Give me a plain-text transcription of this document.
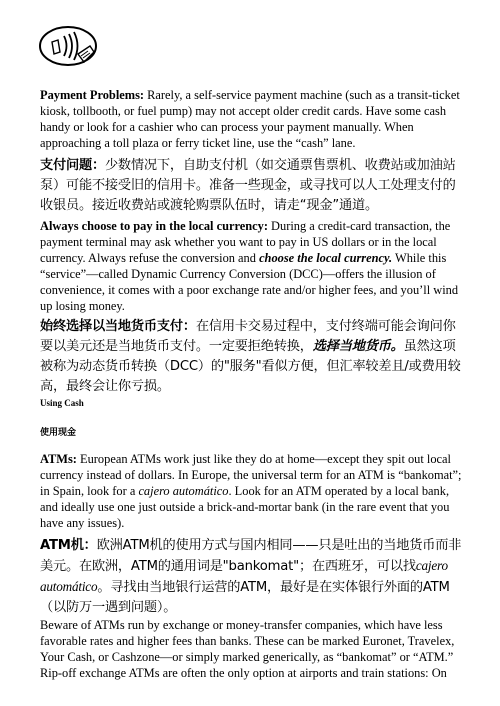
Payment Problems: Rarely, a self-service payment machine (such as a transit-ticket kiosk, tollbooth, or fuel pump) may not accept older credit cards. Have some cash handy or look for a cashier who can process your payment manually. When approaching a toll plaza or ferry ticket line, use the “cash” lane.

支付问题：少数情况下，自助支付机（如交通票售票机、收费站或加油站泵）可能不接受旧的信用卡。准备一些现金，或寻找可以人工处理支付的收银员。接近收费站或渡轮购票队伍时，请走“现金”通道。

Always choose to pay in the local currency: During a credit-card transaction, the payment terminal may ask whether you want to pay in US dollars or in the local currency. Always refuse the conversion and choose the local currency. While this “service”—called Dynamic Currency Conversion (DCC)—offers the illusion of convenience, it comes with a poor exchange rate and/or higher fees, and you’ll wind up losing money.

始终选择以当地货币支付：在信用卡交易过程中，支付终端可能会询问你要以美元还是当地货币支付。一定要拒绝转换，选择当地货币。虽然这项被称为动态货币转换（DCC）的"服务"看似方便，但汇率较差且/或费用较高，最终会让你亏损。

Using Cash

使用现金

ATMs: European ATMs work just like they do at home—except they spit out local currency instead of dollars. In Europe, the universal term for an ATM is “bankomat”; in Spain, look for a cajero automático. Look for an ATM operated by a local bank, and ideally use one just outside a brick-and-mortar bank (in the rare event that you have any issues).

ATM机：欧洲ATM机的使用方式与国内相同——只是吐出的当地货币而非美元。在欧洲，ATM的通用词是"bankomat"；在西班牙，可以找cajero automático。寻找由当地银行运营的ATM，最好是在实体银行外面的ATM（以防万一遇到问题）。

Beware of ATMs run by exchange or money-transfer companies, which have less favorable rates and higher fees than banks. These can be marked Euronet, Travelex, Your Cash, or Cashzone—or simply marked generically, as “bankomat” or “ATM.” Rip-off exchange ATMs are often the only option at airports and train stations: On
